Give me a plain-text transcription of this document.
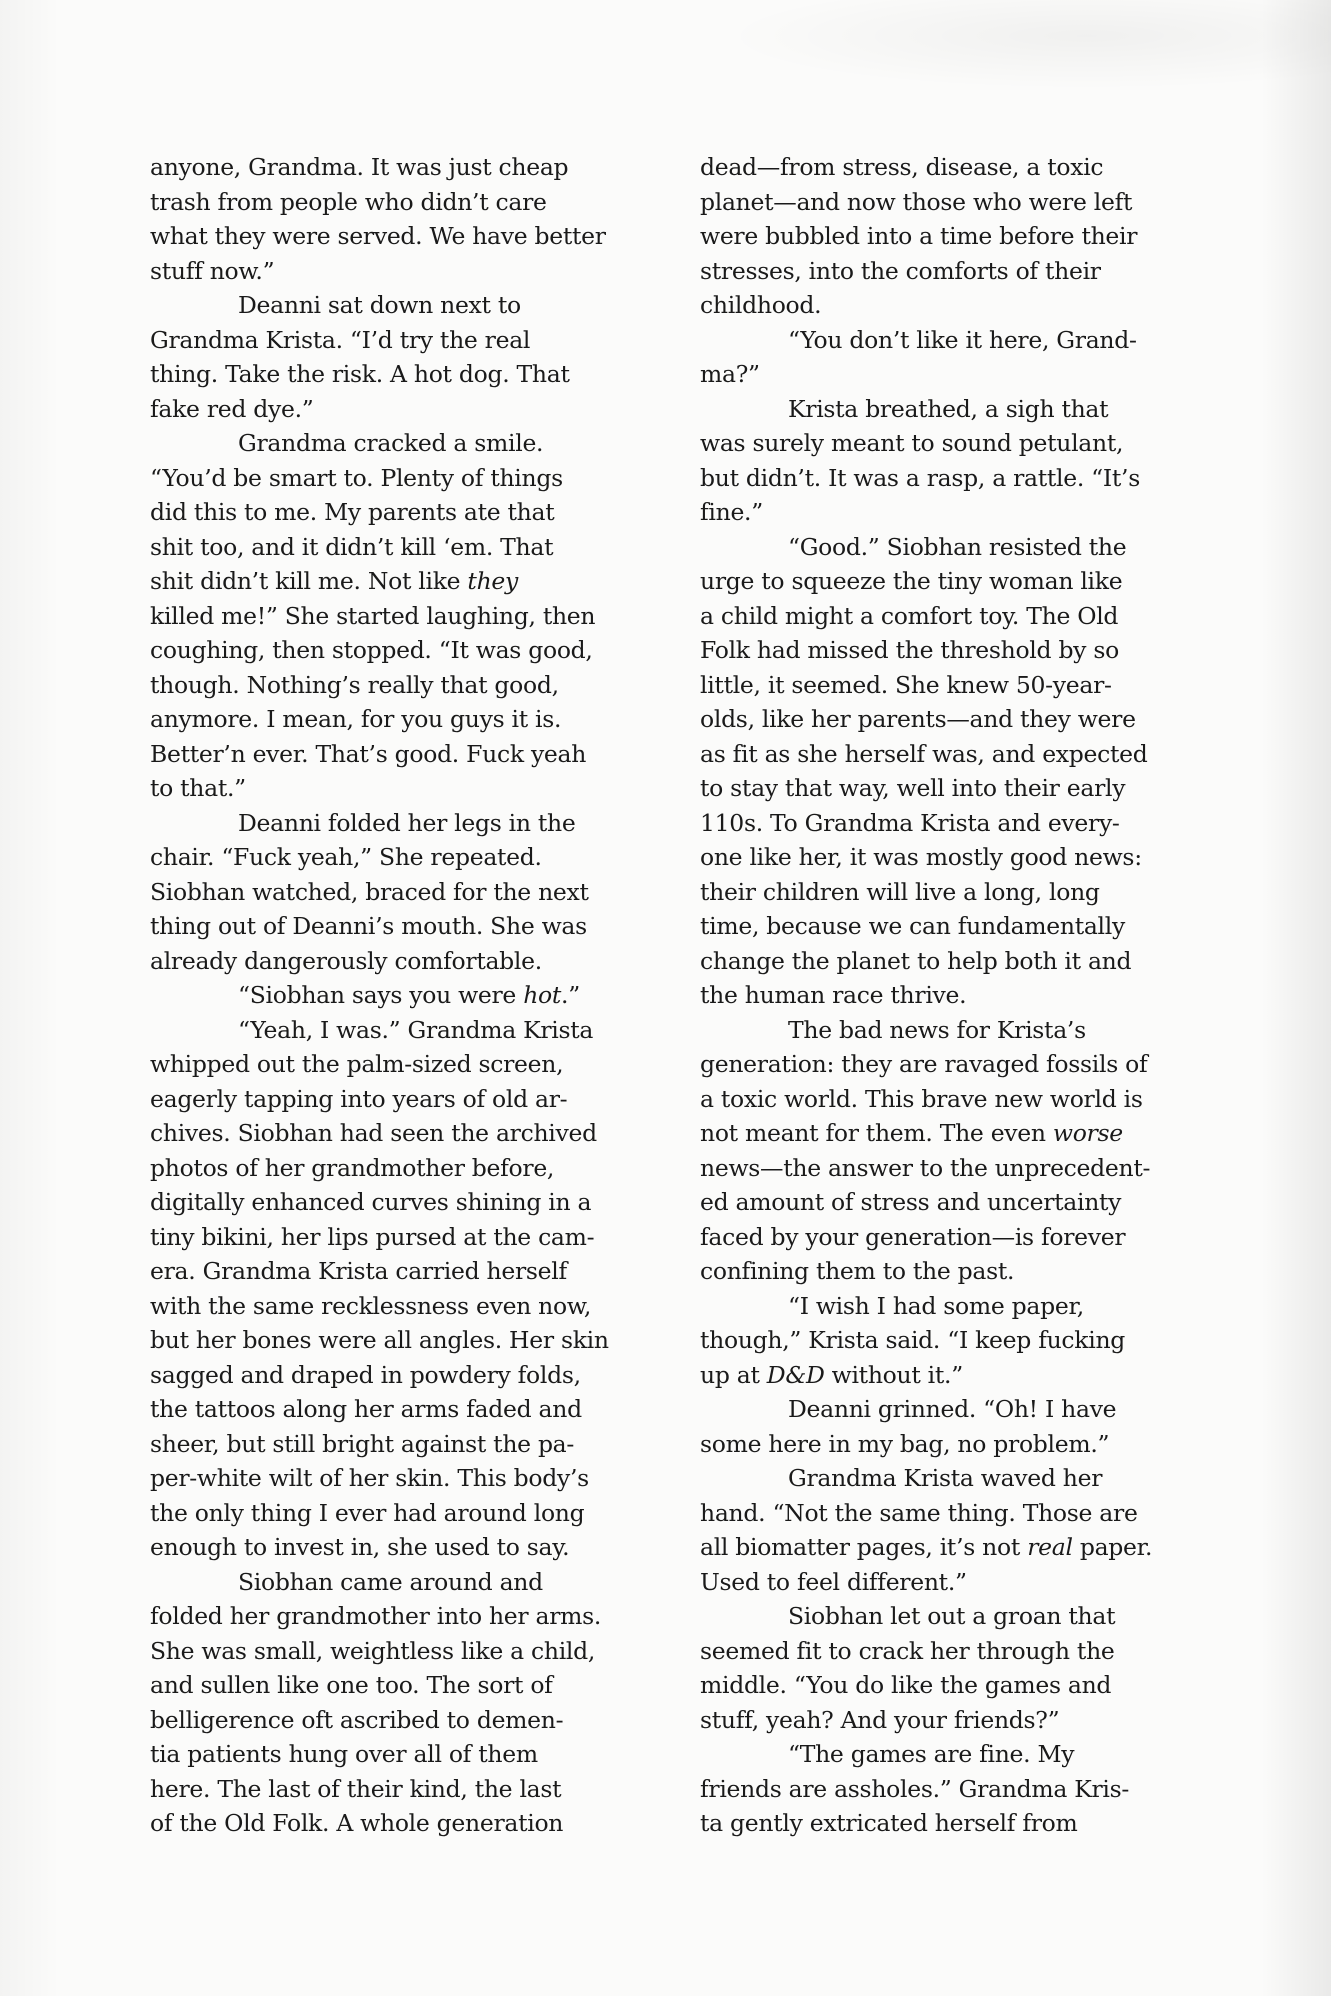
anyone, Grandma. It was just cheap
trash from people who didn’t care
what they were served. We have better
stuff now.”
Deanni sat down next to
Grandma Krista. “I’d try the real
thing. Take the risk. A hot dog. That
fake red dye.”
Grandma cracked a smile.
“You’d be smart to. Plenty of things
did this to me. My parents ate that
shit too, and it didn’t kill ‘em. That
shit didn’t kill me. Not like they
killed me!” She started laughing, then
coughing, then stopped. “It was good,
though. Nothing’s really that good,
anymore. I mean, for you guys it is.
Better’n ever. That’s good. Fuck yeah
to that.”
Deanni folded her legs in the
chair. “Fuck yeah,” She repeated.
Siobhan watched, braced for the next
thing out of Deanni’s mouth. She was
already dangerously comfortable.
“Siobhan says you were hot.”
“Yeah, I was.” Grandma Krista
whipped out the palm-sized screen,
eagerly tapping into years of old ar-
chives. Siobhan had seen the archived
photos of her grandmother before,
digitally enhanced curves shining in a
tiny bikini, her lips pursed at the cam-
era. Grandma Krista carried herself
with the same recklessness even now,
but her bones were all angles. Her skin
sagged and draped in powdery folds,
the tattoos along her arms faded and
sheer, but still bright against the pa-
per-white wilt of her skin. This body’s
the only thing I ever had around long
enough to invest in, she used to say.
Siobhan came around and
folded her grandmother into her arms.
She was small, weightless like a child,
and sullen like one too. The sort of
belligerence oft ascribed to demen-
tia patients hung over all of them
here. The last of their kind, the last
of the Old Folk. A whole generation
dead—from stress, disease, a toxic
planet—and now those who were left
were bubbled into a time before their
stresses, into the comforts of their
childhood.
“You don’t like it here, Grand-
ma?”
Krista breathed, a sigh that
was surely meant to sound petulant,
but didn’t. It was a rasp, a rattle. “It’s
fine.”
“Good.” Siobhan resisted the
urge to squeeze the tiny woman like
a child might a comfort toy. The Old
Folk had missed the threshold by so
little, it seemed. She knew 50-year-
olds, like her parents—and they were
as fit as she herself was, and expected
to stay that way, well into their early
110s. To Grandma Krista and every-
one like her, it was mostly good news:
their children will live a long, long
time, because we can fundamentally
change the planet to help both it and
the human race thrive.
The bad news for Krista’s
generation: they are ravaged fossils of
a toxic world. This brave new world is
not meant for them. The even worse
news—the answer to the unprecedent-
ed amount of stress and uncertainty
faced by your generation—is forever
confining them to the past.
“I wish I had some paper,
though,” Krista said. “I keep fucking
up at D&D without it.”
Deanni grinned. “Oh! I have
some here in my bag, no problem.”
Grandma Krista waved her
hand. “Not the same thing. Those are
all biomatter pages, it’s not real paper.
Used to feel different.”
Siobhan let out a groan that
seemed fit to crack her through the
middle. “You do like the games and
stuff, yeah? And your friends?”
“The games are fine. My
friends are assholes.” Grandma Kris-
ta gently extricated herself from
